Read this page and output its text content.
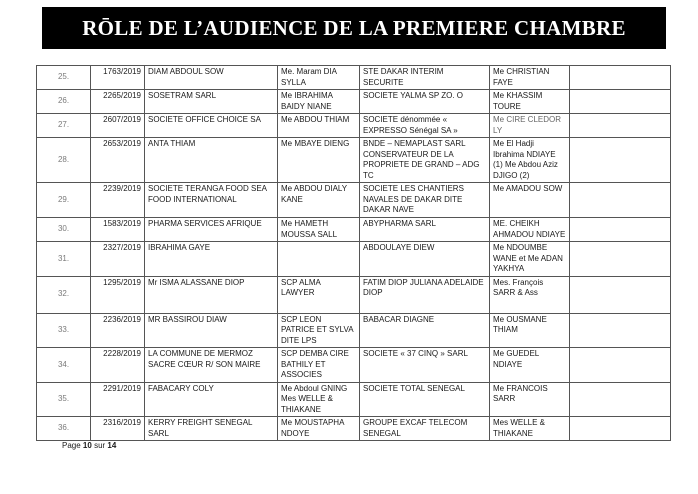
RŌLE DE L’AUDIENCE DE LA PREMIERE CHAMBRE
25.	1763/2019	DIAM ABDOUL SOW	Me. Maram DIA SYLLA	STE DAKAR INTERIM SECURITE	Me CHRISTIAN FAYE	
26.	2265/2019	SOSETRAM SARL	Me IBRAHIMA BAIDY NIANE	SOCIETE YALMA SP ZO. O	Me KHASSIM TOURE	
27.	2607/2019	SOCIETE OFFICE CHOICE SA	Me ABDOU THIAM	SOCIETE dénommée « EXPRESSO Sénégal SA »	Me CIRE CLEDOR LY	
28.	2653/2019	ANTA THIAM	Me MBAYE DIENG	BNDE – NEMAPLAST SARL CONSERVATEUR DE LA PROPRIETE DE GRAND – ADG TC	Me El Hadji Ibrahima NDIAYE (1) Me Abdou Aziz DJIGO (2)	
29.	2239/2019	SOCIETE TERANGA FOOD SEA FOOD INTERNATIONAL	Me ABDOU DIALY KANE	SOCIETE LES CHANTIERS NAVALES DE DAKAR DITE DAKAR NAVE	Me AMADOU SOW	
30.	1583/2019	PHARMA SERVICES AFRIQUE	Me HAMETH MOUSSA SALL	ABYPHARMA SARL	ME. CHEIKH AHMADOU NDIAYE	
31.	2327/2019	IBRAHIMA GAYE		ABDOULAYE DIEW	Me NDOUMBE WANE et Me ADAN YAKHYA	
32.	1295/2019	Mr ISMA ALASSANE DIOP	SCP ALMA LAWYER	FATIM DIOP JULIANA ADELAIDE DIOP	Mes. François SARR & Ass	
33.	2236/2019	MR BASSIROU DIAW	SCP LEON PATRICE ET SYLVA DITE LPS	BABACAR DIAGNE	Me OUSMANE THIAM	
34.	2228/2019	LA COMMUNE DE MERMOZ SACRE CŒUR R/ SON MAIRE	SCP DEMBA CIRE BATHILY ET ASSOCIES	SOCIETE « 37 CINQ » SARL	Me GUEDEL NDIAYE	
35.	2291/2019	FABACARY COLY	Me Abdoul GNING Mes WELLE & THIAKANE	SOCIETE TOTAL SENEGAL	Me FRANCOIS SARR	
36.	2316/2019	KERRY FREIGHT SENEGAL SARL	Me MOUSTAPHA NDOYE	GROUPE EXCAF TELECOM SENEGAL	Mes WELLE & THIAKANE	
Page 10 sur 14
